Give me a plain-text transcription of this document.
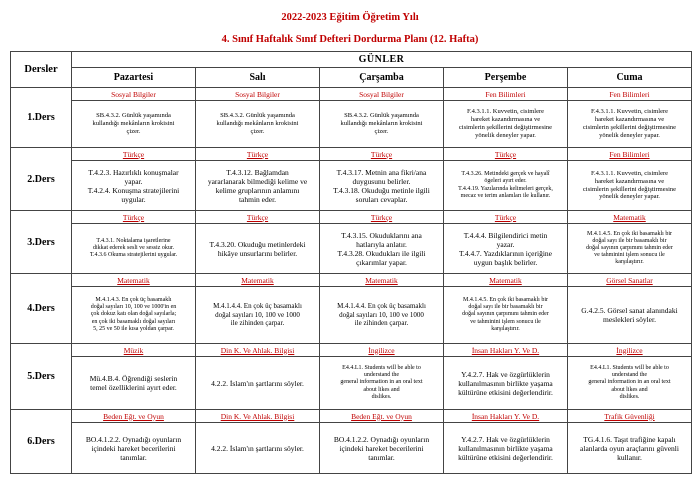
2022-2023 Eğitim Öğretim Yılı
4. Sınıf Haftalık Sınıf Defteri Dordurma Planı (12. Hafta)
Dersler	GÜNLER				
	Pazartesi	Salı	Çarşamba	Perşembe	Cuma
1.Ders	Sosyal Bilgiler	Sosyal Bilgiler	Sosyal Bilgiler	Fen Bilimleri	Fen Bilimleri

	SB.4.3.2. Günlük yaşamında
kullandığı mekânların krokisini
çizer.	SB.4.3.2. Günlük yaşamında
kullandığı mekânların krokisini
çizer.	SB.4.3.2. Günlük yaşamında
kullandığı mekânların krokisini
çizer.	F.4.3.1.1. Kuvvetin, cisimlere
hareket kazandırmasına ve
cisimlerin şekillerini değiştirmesine
yönelik deneyler yapar.	F.4.3.1.1. Kuvvetin, cisimlere
hareket kazandırmasına ve
cisimlerin şekillerini değiştirmesine
yönelik deneyler yapar.

2.Ders	Türkçe	Türkçe	Türkçe	Türkçe	Fen Bilimleri

	T.4.2.3. Hazırlıklı konuşmalar
yapar.
T.4.2.4. Konuşma stratejilerini
uygular.	T.4.3.12. Bağlamdan
yararlanarak bilmediği kelime ve
kelime gruplarının anlamını
tahmin eder.	T.4.3.17. Metnin ana fikri/ana
duygusunu belirler.
T.4.3.18. Okuduğu metinle ilgili
soruları cevaplar.	T.4.3.26. Metindeki gerçek ve hayalî
ögeleri ayırt eder.
T.4.4.19. Yazılarında kelimeleri gerçek,
mecaz ve terim anlamları ile kullanır.	F.4.3.1.1. Kuvvetin, cisimlere
hareket kazandırmasına ve
cisimlerin şekillerini değiştirmesine
yönelik deneyler yapar.

3.Ders	Türkçe	Türkçe	Türkçe	Türkçe	Matematik

	T.4.3.1. Noktalama işaretlerine
dikkat ederek sesli ve sessiz okur.
T.4.3.6 Okuma stratejilerini uygular.	T.4.3.20. Okuduğu metinlerdeki
hikâye unsurlarını belirler.	T.4.3.15. Okuduklarını ana
hatlarıyla anlatır.
T.4.3.28. Okudukları ile ilgili
çıkarımlar yapar.	T.4.4.4. Bilgilendirici metin
yazar.
T.4.4.7. Yazdıklarının içeriğine
uygun başlık belirler.	M.4.1.4.5. En çok iki basamaklı bir
doğal sayı ile bir basamaklı bir
doğal sayının çarpımını tahmin eder
ve tahminini işlem sonucu ile
karşılaştırır.

4.Ders	Matematik	Matematik	Matematik	Matematik	Görsel Sanatlar

	M.4.1.4.3. En çok üç basamaklı
doğal sayıları 10, 100 ve 1000'in en
çok dokuz katı olan doğal sayılarla;
en çok iki basamaklı doğal sayıları
5, 25 ve 50 ile kısa yoldan çarpar.	M.4.1.4.4. En çok üç basamaklı
doğal sayıları 10, 100 ve 1000
ile zihinden çarpar.	M.4.1.4.4. En çok üç basamaklı
doğal sayıları 10, 100 ve 1000
ile zihinden çarpar.	M.4.1.4.5. En çok iki basamaklı bir
doğal sayı ile bir basamaklı bir
doğal sayının çarpımını tahmin eder
ve tahminini işlem sonucu ile
karşılaştırır.	G.4.2.5. Görsel sanat alanındaki
meslekleri söyler.

5.Ders	Müzik	Din K. Ve Ahlak. Bilgisi	İngilizce	İnsan Hakları Y. Ve D.	İngilizce

	Mü.4.B.4. Öğrendiği seslerin
temel özelliklerini ayırt eder.	4.2.2. İslam'ın şartlarını söyler.	E4.4.L1. Students will be able to
understand the
general information in an oral text
about likes and
dislikes.	Y.4.2.7. Hak ve özgürlüklerin
kullanılmasının birlikte yaşama
kültürüne etkisini değerlendirir.	E4.4.L1. Students will be able to
understand the
general information in an oral text
about likes and
dislikes.

6.Ders	Beden Eğt. ve Oyun	Din K. Ve Ahlak. Bilgisi	Beden Eğt. ve Oyun	İnsan Hakları Y. Ve D.	Trafik Güvenliği

	BO.4.1.2.2. Oynadığı oyunların
içindeki hareket becerilerini
tanımlar.	4.2.2. İslam'ın şartlarını söyler.	BO.4.1.2.2. Oynadığı oyunların
içindeki hareket becerilerini
tanımlar.	Y.4.2.7. Hak ve özgürlüklerin
kullanılmasının birlikte yaşama
kültürüne etkisini değerlendirir.	TG.4.1.6. Taşıt trafiğine kapalı
alanlarda oyun araçlarını güvenli
kullanır.
